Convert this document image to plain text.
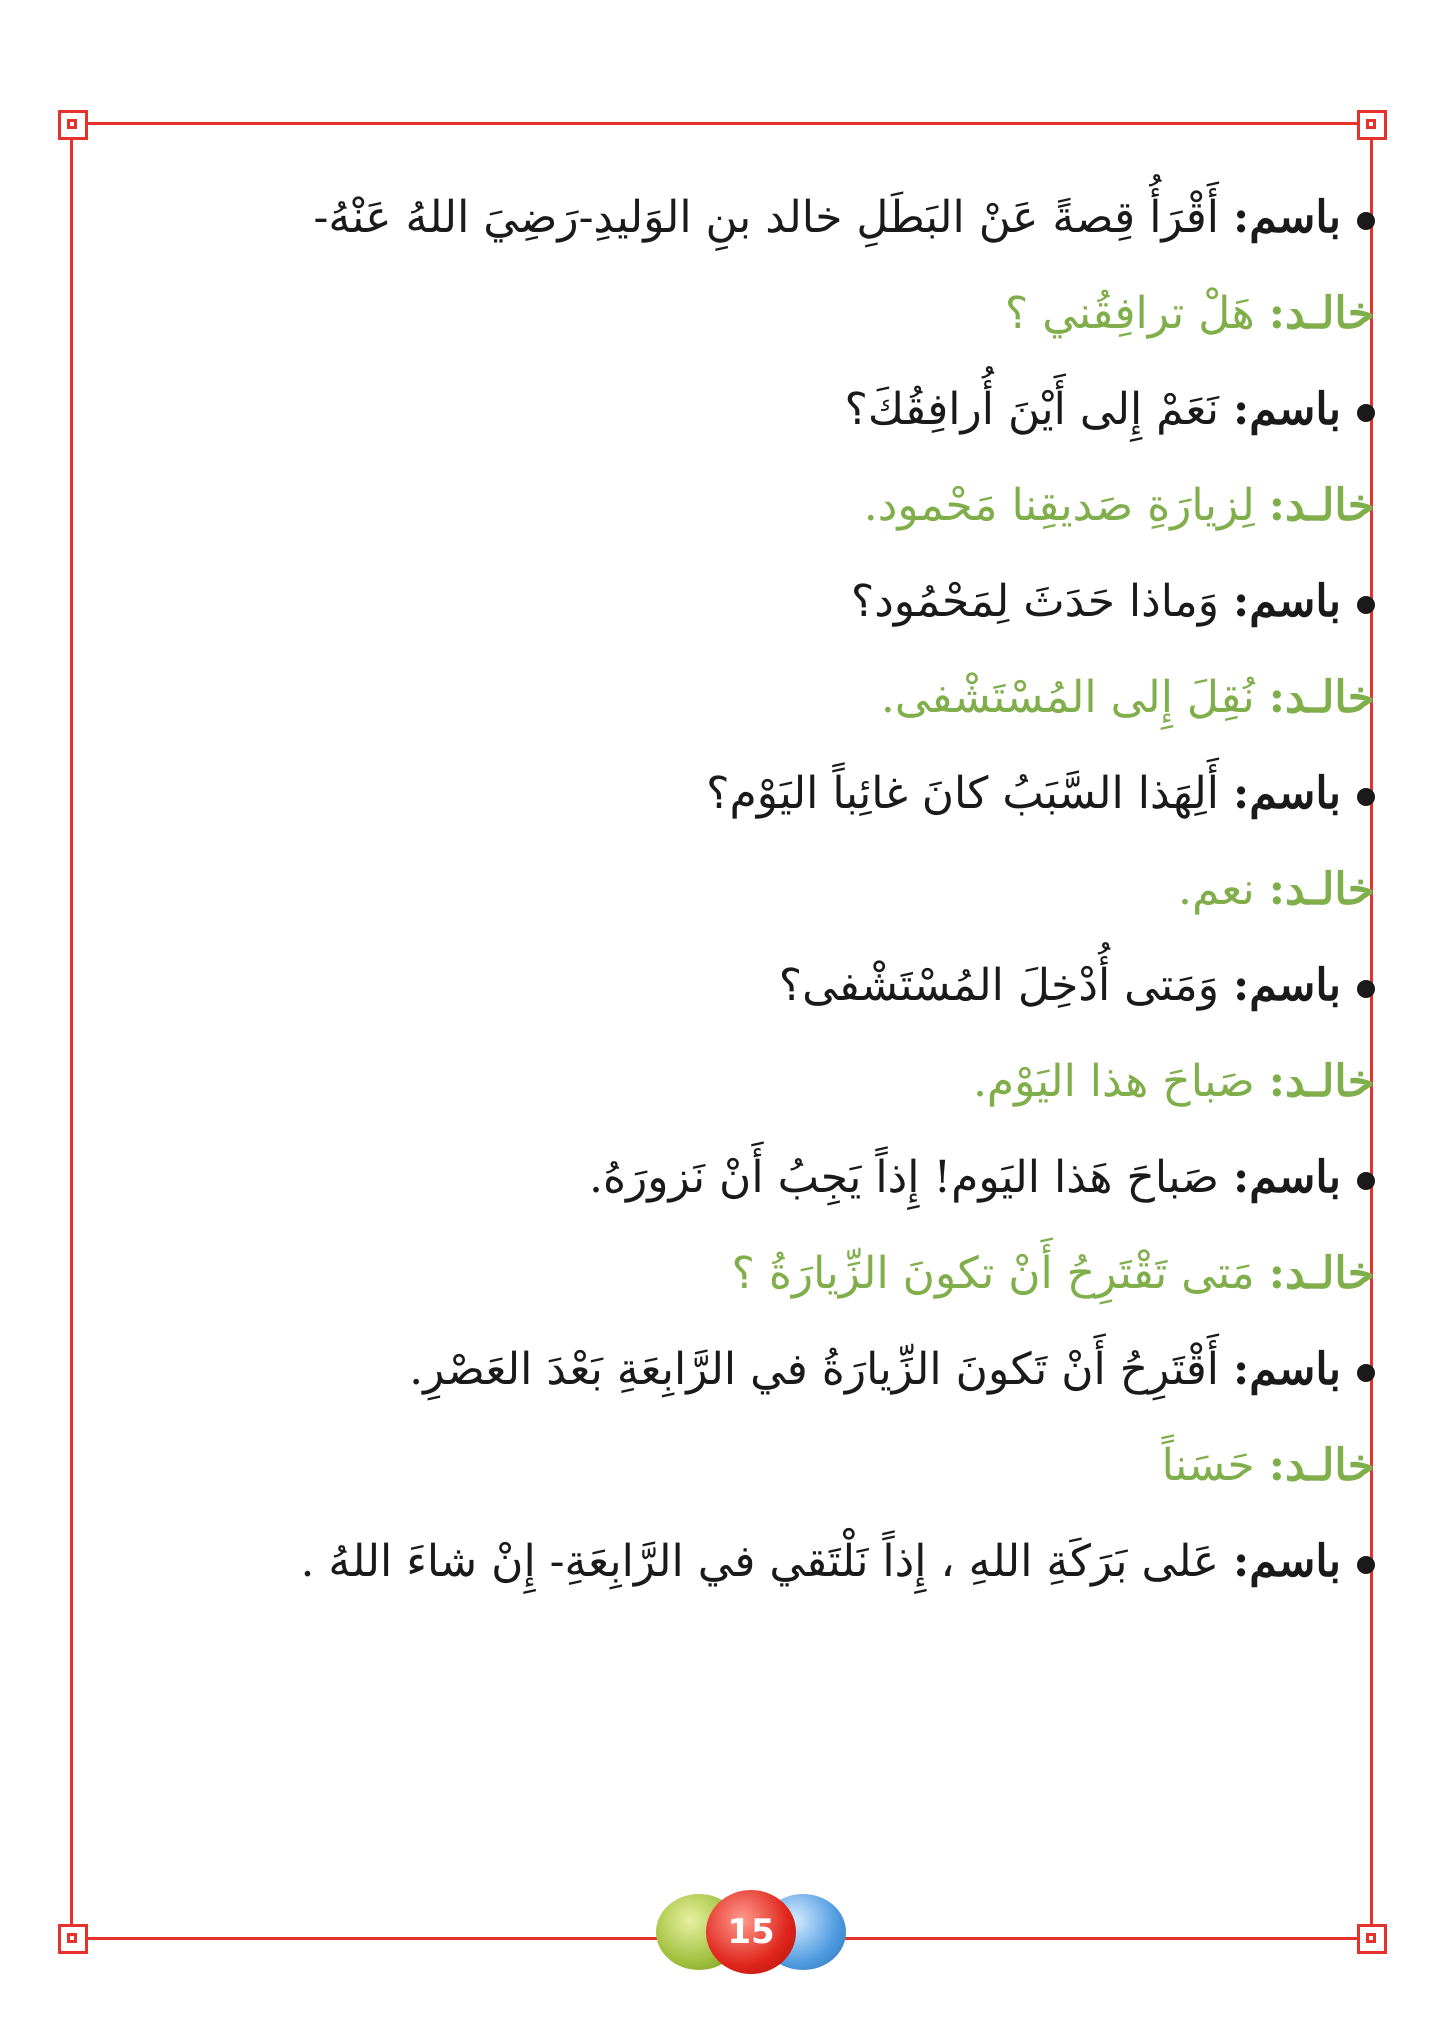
باسم: أَقْرَأُ قِصةً عَنْ البَطَلِ خالد بنِ الوَليدِ-رَضِيَ اللهُ عَنْهُ-
خالـد: هَلْ ترافِقُني ؟
باسم: نَعَمْ إِلى أَيْنَ أُرافِقُكَ؟
خالـد: لِزيارَةِ صَديقِنا مَحْمود.
باسم: وَماذا حَدَثَ لِمَحْمُود؟
خالـد: نُقِلَ إِلى المُسْتَشْفى.
باسم: أَلِهَذا السَّبَبُ كانَ غائِباً اليَوْم؟
خالـد: نعم.
باسم: وَمَتى أُدْخِلَ المُسْتَشْفى؟
خالـد: صَباحَ هذا اليَوْم.
باسم: صَباحَ هَذا اليَوم! إِذاً يَجِبُ أَنْ نَزورَهُ.
خالـد: مَتى تَقْتَرِحُ أَنْ تكونَ الزِّيارَةُ ؟
باسم: أَقْتَرِحُ أَنْ تَكونَ الزِّيارَةُ في الرَّابِعَةِ بَعْدَ العَصْرِ.
خالـد: حَسَناً
باسم: عَلى بَرَكَةِ اللهِ ، إِذاً نَلْتَقي في الرَّابِعَةِ- إِنْ شاءَ اللهُ .
15
